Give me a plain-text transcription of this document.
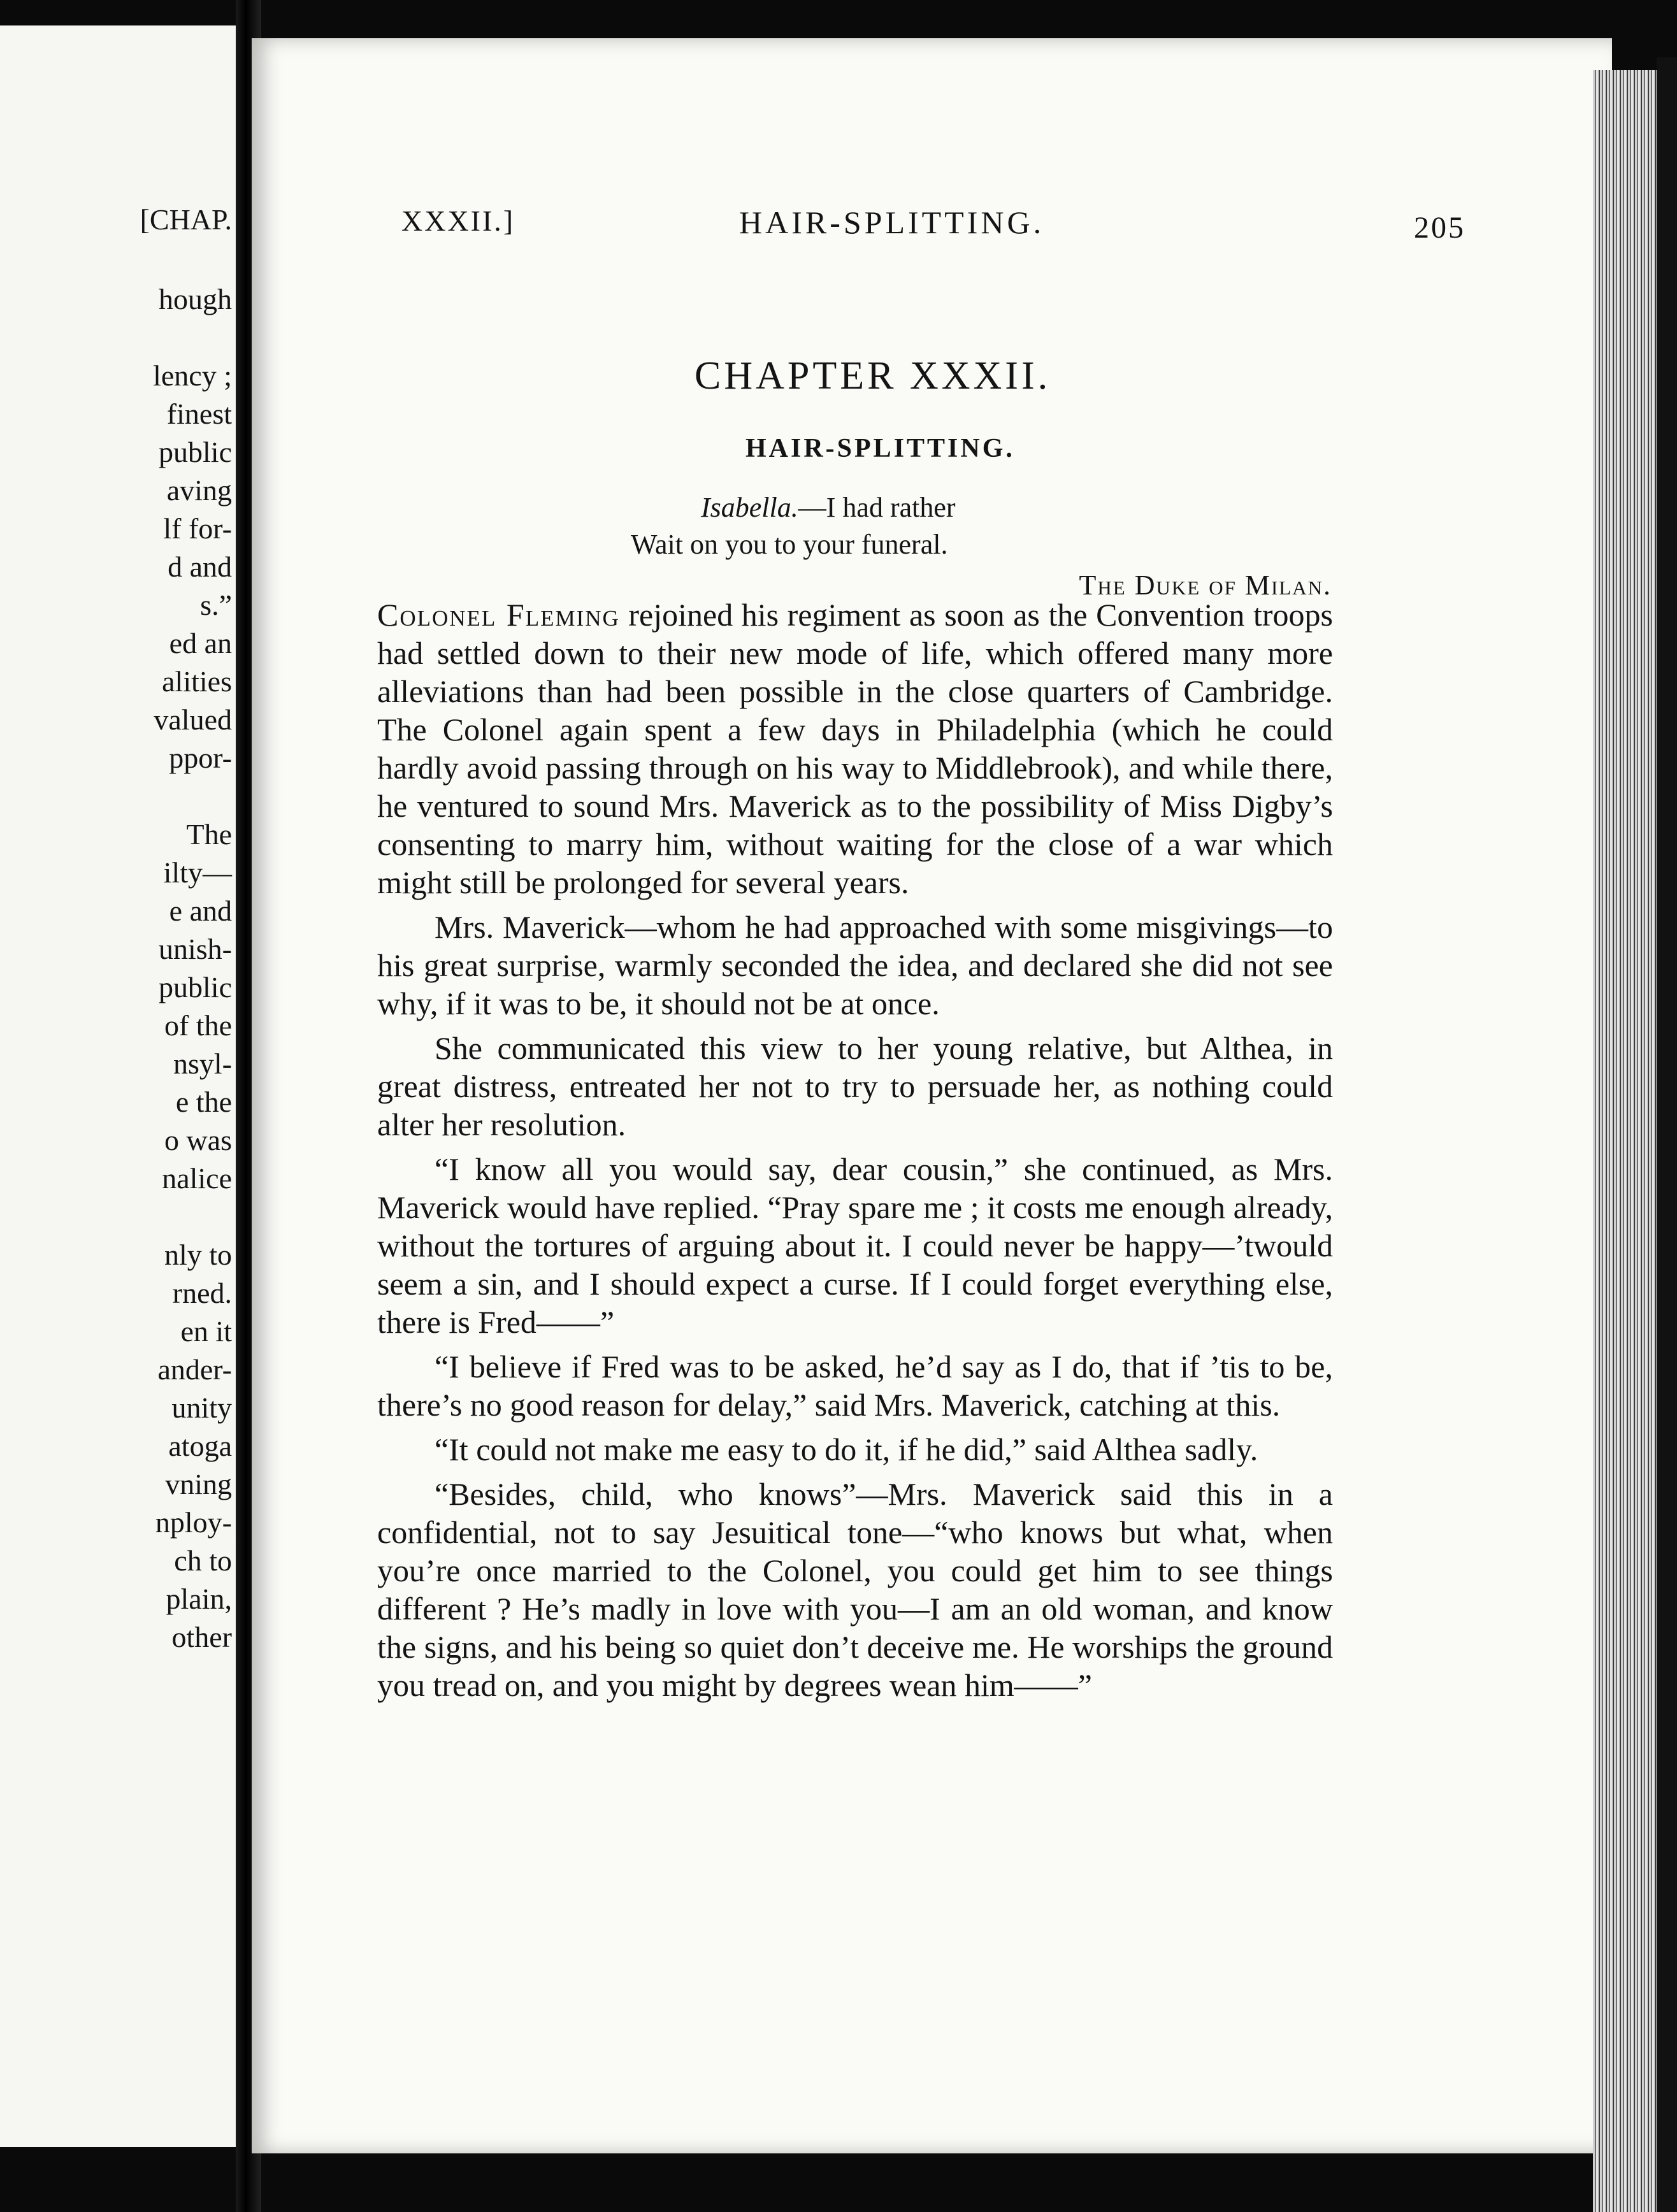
[CHAP.
hough
lency ;
finest
public
aving
lf for-
d and
s.”
ed an
alities
valued
ppor-
The
ilty—
e and
unish-
public
of the
nsyl-
e the
o was
nalice
nly to
rned.
en it
ander-
unity
atoga
vning
nploy-
ch to
plain,
other
XXXII.]	HAIR-SPLITTING.	205
CHAPTER XXXII.
HAIR-SPLITTING.
Isabella.—I had rather
Wait on you to your funeral.
The Duke of Milan.

Colonel Fleming rejoined his regiment as soon as the Convention troops had settled down to their new mode of life, which offered many more alleviations than had been possible in the close quarters of Cambridge. The Colonel again spent a few days in Philadelphia (which he could hardly avoid passing through on his way to Middlebrook), and while there, he ventured to sound Mrs. Maverick as to the possibility of Miss Digby’s consenting to marry him, without waiting for the close of a war which might still be prolonged for several years.

Mrs. Maverick—whom he had approached with some misgivings—to his great surprise, warmly seconded the idea, and declared she did not see why, if it was to be, it should not be at once.

She communicated this view to her young relative, but Althea, in great distress, entreated her not to try to persuade her, as nothing could alter her resolution.

“I know all you would say, dear cousin,” she continued, as Mrs. Maverick would have replied. “Pray spare me ; it costs me enough already, without the tortures of arguing about it. I could never be happy—’twould seem a sin, and I should expect a curse. If I could forget everything else, there is Fred——”

“I believe if Fred was to be asked, he’d say as I do, that if ’tis to be, there’s no good reason for delay,” said Mrs. Maverick, catching at this.

“It could not make me easy to do it, if he did,” said Althea sadly.

“Besides, child, who knows”—Mrs. Maverick said this in a confidential, not to say Jesuitical tone—“who knows but what, when you’re once married to the Colonel, you could get him to see things different ? He’s madly in love with you—I am an old woman, and know the signs, and his being so quiet don’t deceive me. He worships the ground you tread on, and you might by degrees wean him——”
